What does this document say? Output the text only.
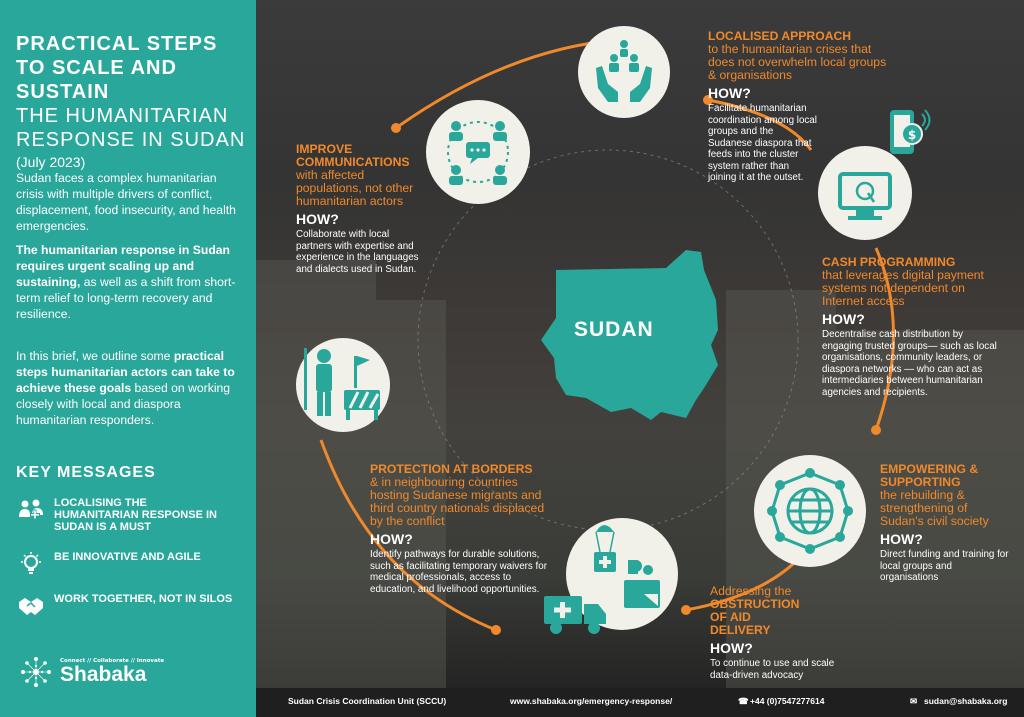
PRACTICAL STEPS
TO SCALE AND SUSTAIN
THE HUMANITARIAN
RESPONSE IN SUDAN
(July 2023)
Sudan faces a complex humanitarian crisis with multiple drivers of conflict, displacement, food insecurity, and health emergencies.
The humanitarian response in Sudan requires urgent scaling up and sustaining, as well as a shift from short-term relief to long-term recovery and resilience.
In this brief, we outline some practical steps humanitarian actors can take to achieve these goals based on working closely with local and diaspora humanitarian responders.
KEY MESSAGES
LOCALISING THE HUMANITARIAN RESPONSE IN SUDAN IS A MUST
BE INNOVATIVE AND AGILE
WORK TOGETHER, NOT IN SILOS
Connect // Collaborate // Innovate
Shabaka
SUDAN
$
LOCALISED APPROACH
to the humanitarian crises that does not overwhelm local groups & organisations
HOW?
Facilitate humanitarian coordination among local groups and the Sudanese diaspora that feeds into the cluster system rather than joining it at the outset.
IMPROVE COMMUNICATIONS
with affected populations, not other humanitarian actors
HOW?
Collaborate with local partners with expertise and experience in the languages and dialects used in Sudan.	CASH PROGRAMMING
that leverages digital payment systems not dependent on Internet access
HOW?
Decentralise cash distribution by engaging trusted groups— such as local organisations, community leaders, or diaspora networks — who can act as intermediaries between humanitarian agencies and recipients.
PROTECTION AT BORDERS
& in neighbouring countries hosting Sudanese migrants and third country nationals displaced by the conflict
HOW?
Identify pathways for durable solutions, such as facilitating temporary waivers for medical professionals, access to education, and livelihood opportunities.
EMPOWERING & SUPPORTING
the rebuilding & strengthening of Sudan's civil society
HOW?
Direct funding and training for local groups and organisations
Addressing the
OBSTRUCTION OF AID DELIVERY
HOW?
To continue to use and scale data-driven advocacy
Sudan Crisis Coordination Unit (SCCU)	www.shabaka.org/emergency-response/	☎ +44 (0)7547277614	✉ sudan@shabaka.org
